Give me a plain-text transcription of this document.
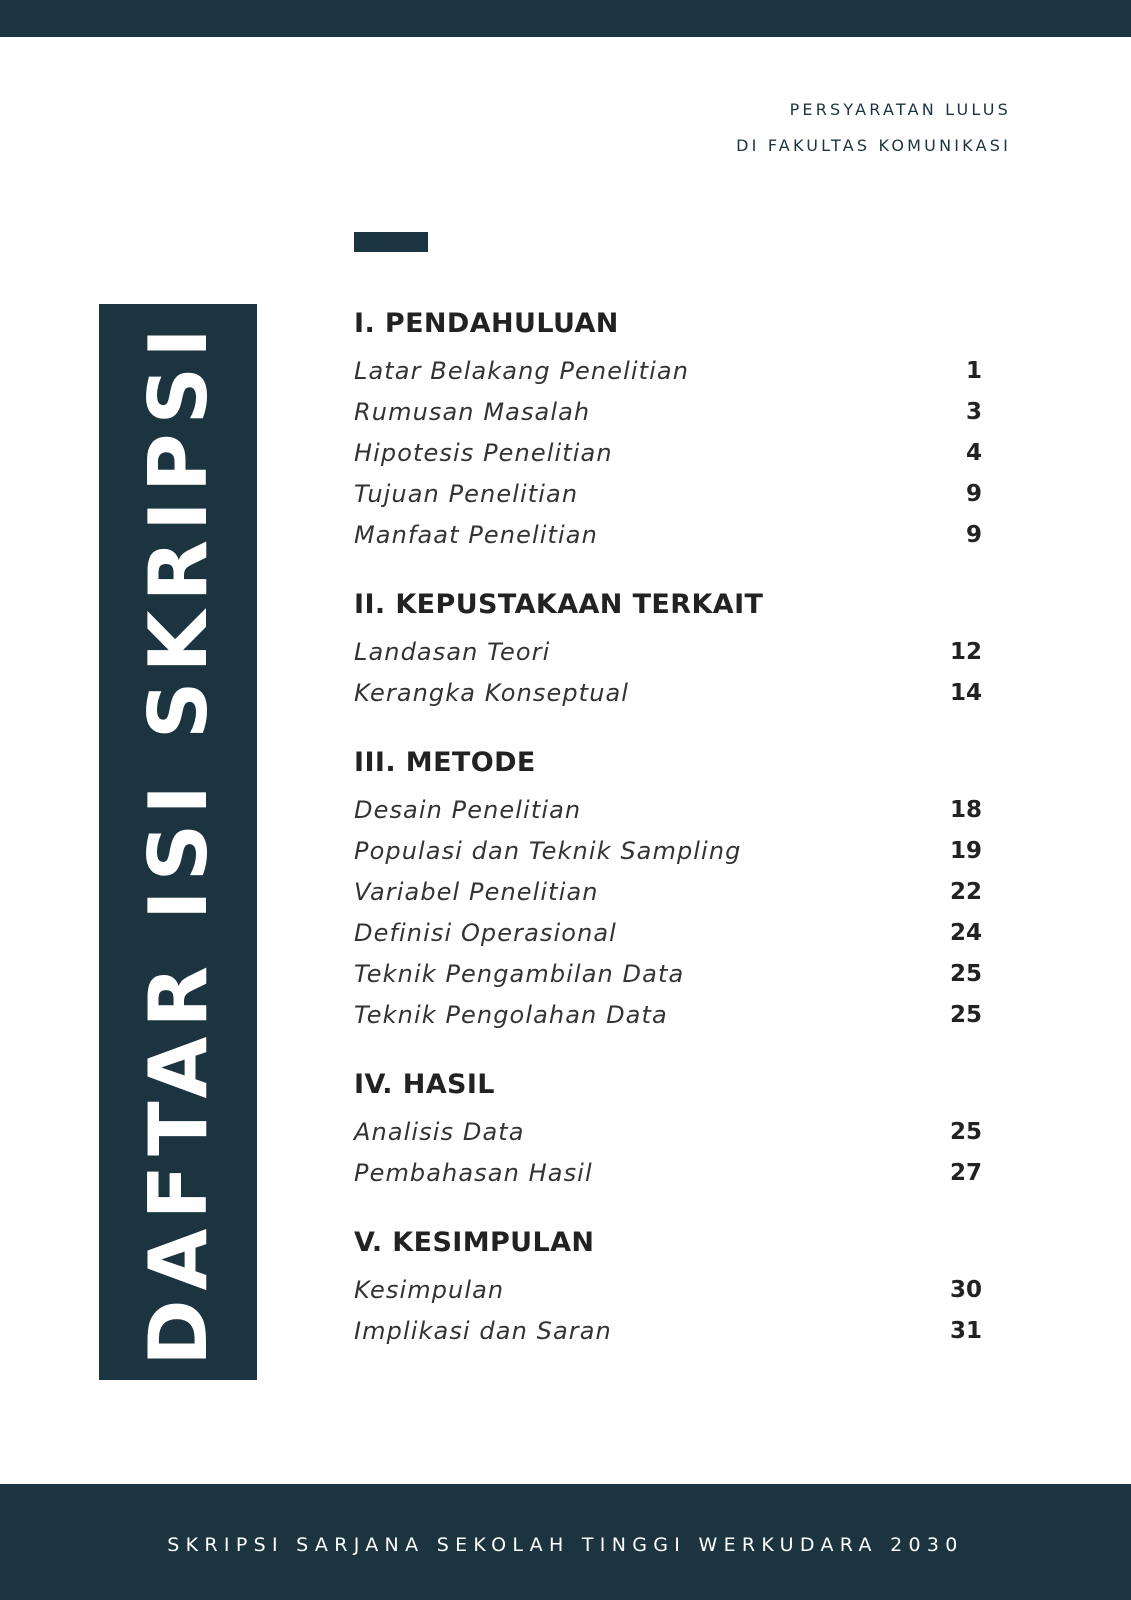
PERSYARATAN LULUS
DI FAKULTAS KOMUNIKASI
DAFTAR ISI SKRIPSI	I. PENDAHULUAN
Latar Belakang Penelitian	1
Rumusan Masalah	3
Hipotesis Penelitian	4
Tujuan Penelitian	9
Manfaat Penelitian	9
II. KEPUSTAKAAN TERKAIT
Landasan Teori	12
Kerangka Konseptual	14
III. METODE
Desain Penelitian	18
Populasi dan Teknik Sampling	19
Variabel Penelitian	22
Definisi Operasional	24
Teknik Pengambilan Data	25
Teknik Pengolahan Data	25
IV. HASIL
Analisis Data	25
Pembahasan Hasil	27
V. KESIMPULAN
Kesimpulan	30
Implikasi dan Saran	31
SKRIPSI SARJANA SEKOLAH TINGGI WERKUDARA 2030
